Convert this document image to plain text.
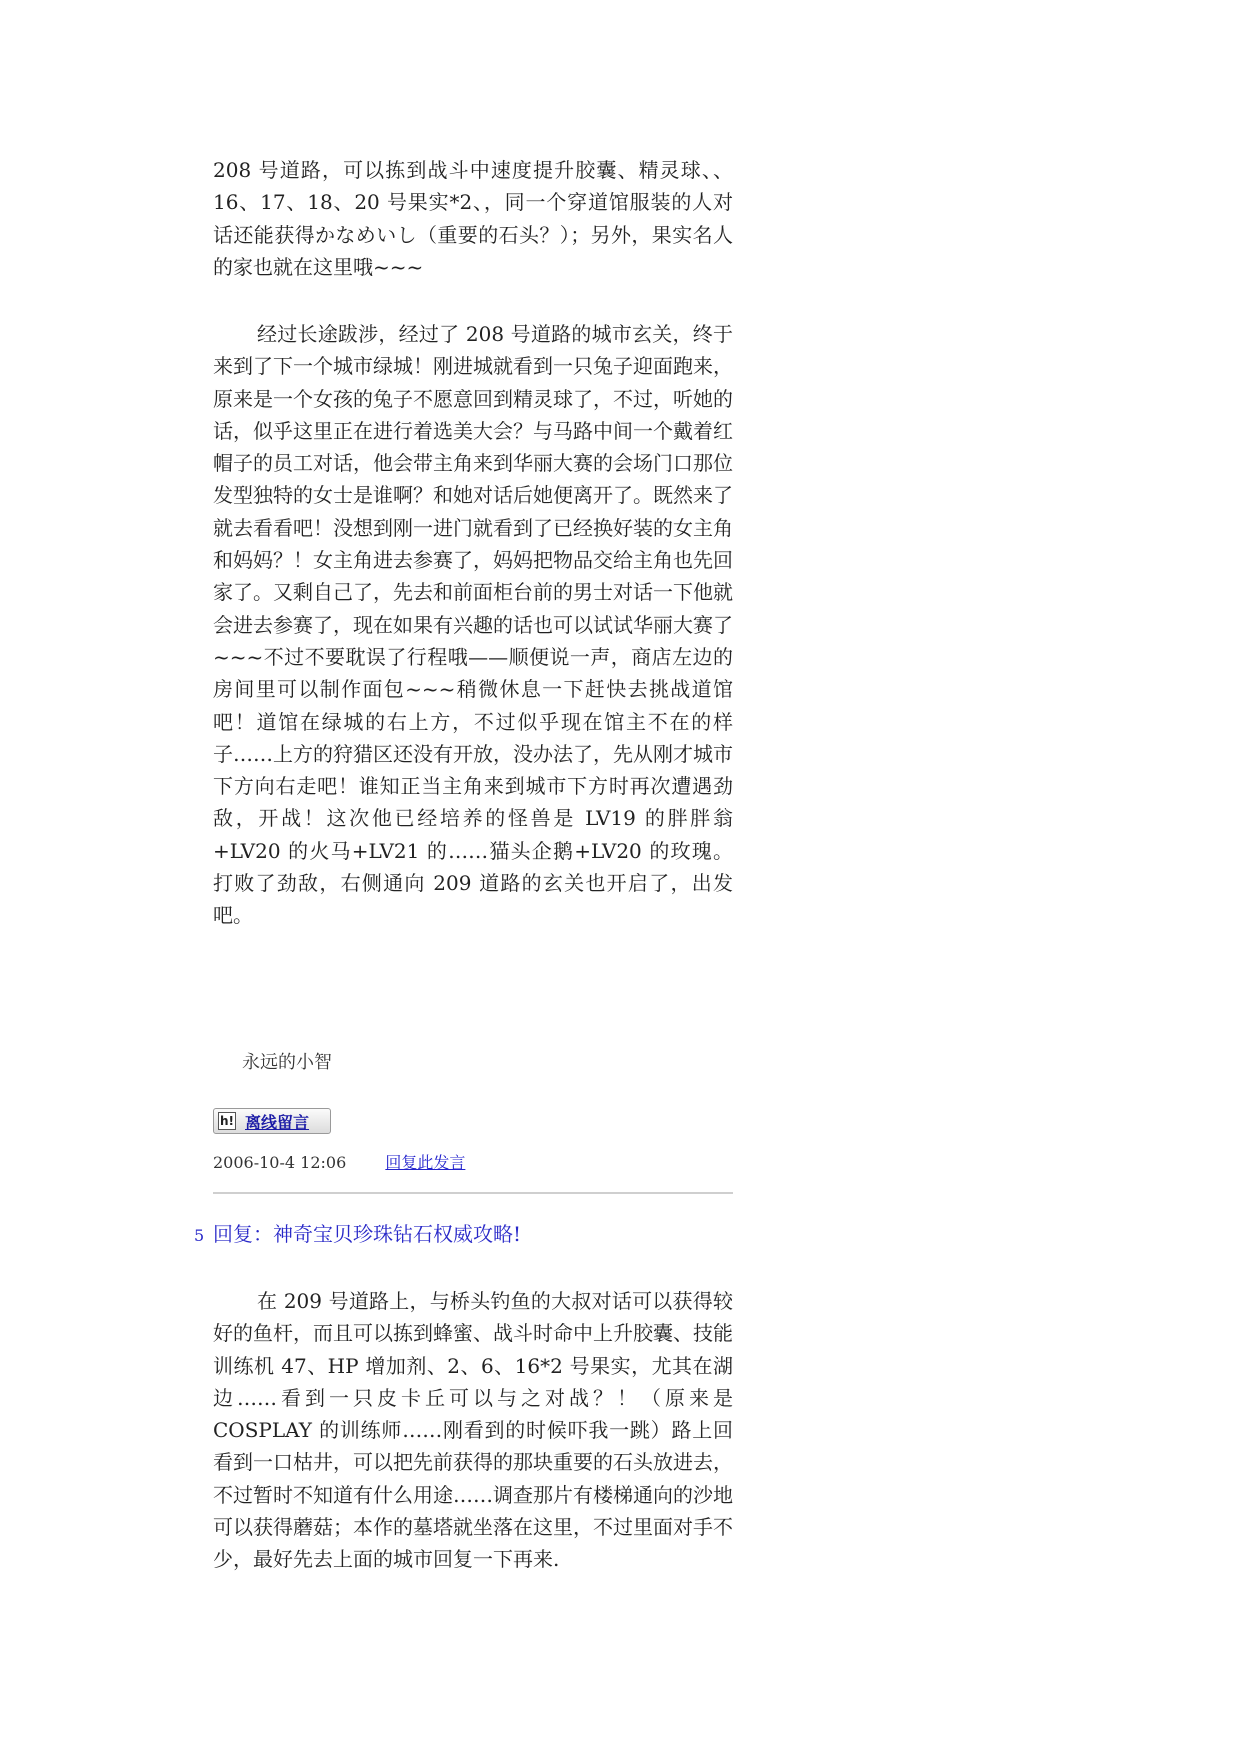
208 号道路，可以拣到战斗中速度提升胶囊、精灵球、、16、17、18、20 号果实*2、，同一个穿道馆服装的人对话还能获得かなめいし（重要的石头？）；另外，果实名人的家也就在这里哦~~~

经过长途跋涉，经过了 208 号道路的城市玄关，终于来到了下一个城市绿城！刚进城就看到一只兔子迎面跑来，原来是一个女孩的兔子不愿意回到精灵球了，不过，听她的话，似乎这里正在进行着选美大会？与马路中间一个戴着红帽子的员工对话，他会带主角来到华丽大赛的会场门口那位发型独特的女士是谁啊？和她对话后她便离开了。既然来了就去看看吧！没想到刚一进门就看到了已经换好装的女主角和妈妈？！女主角进去参赛了，妈妈把物品交给主角也先回家了。又剩自己了，先去和前面柜台前的男士对话一下他就会进去参赛了，现在如果有兴趣的话也可以试试华丽大赛了~~~不过不要耽误了行程哦——顺便说一声，商店左边的房间里可以制作面包~~~稍微休息一下赶快去挑战道馆吧！道馆在绿城的右上方，不过似乎现在馆主不在的样子……上方的狩猎区还没有开放，没办法了，先从刚才城市下方向右走吧！谁知正当主角来到城市下方时再次遭遇劲敌，开战！这次他已经培养的怪兽是 LV19 的胖胖翁+LV20 的火马+LV21 的……猫头企鹅+LV20 的玫瑰。打败了劲敌，右侧通向 209 道路的玄关也开启了，出发吧。

永远的小智
h! 离线留言
2006-10-4 12:06 回复此发言
5 回复：神奇宝贝珍珠钻石权威攻略!

在 209 号道路上，与桥头钓鱼的大叔对话可以获得较好的鱼杆，而且可以拣到蜂蜜、战斗时命中上升胶囊、技能训练机 47、HP 增加剂、2、6、16*2 号果实，尤其在湖边……看到一只皮卡丘可以与之对战？！（原来是 COSPLAY 的训练师……刚看到的时候吓我一跳）路上回看到一口枯井，可以把先前获得的那块重要的石头放进去，不过暂时不知道有什么用途……调查那片有楼梯通向的沙地可以获得蘑菇；本作的墓塔就坐落在这里，不过里面对手不少，最好先去上面的城市回复一下再来.
